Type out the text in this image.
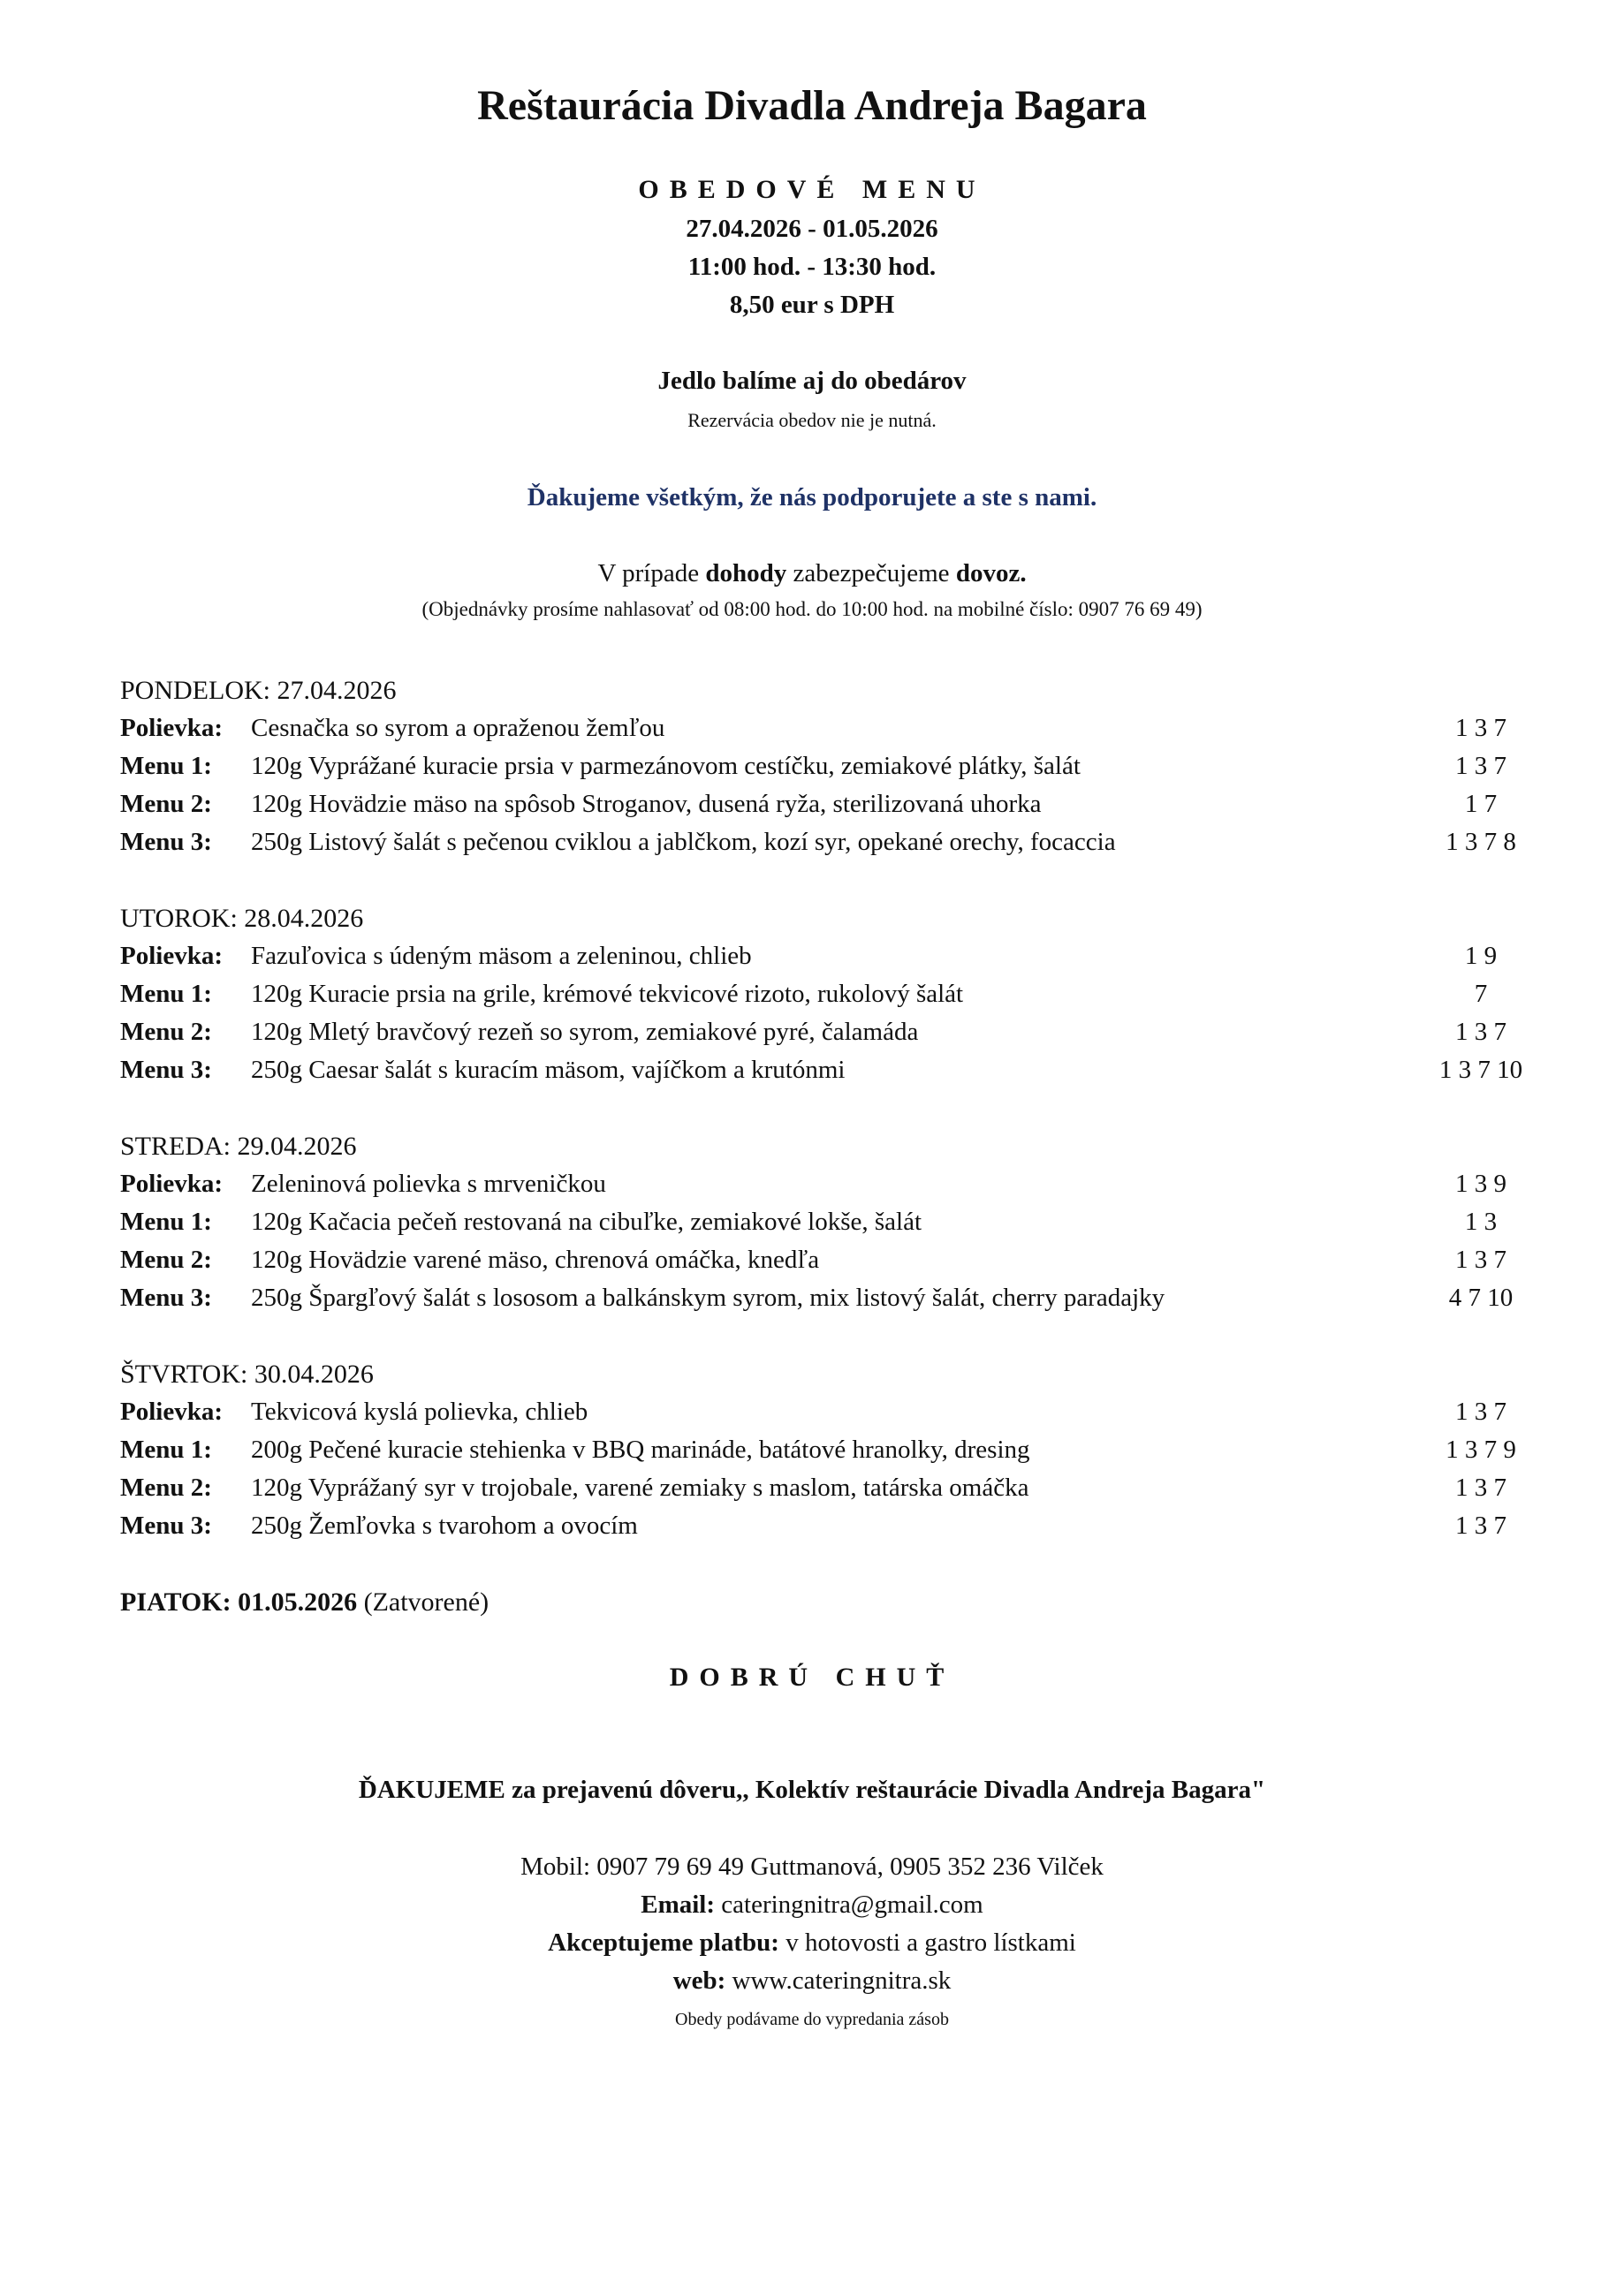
Reštaurácia Divadla Andreja Bagara
OBEDOVÉ MENU
27.04.2026 - 01.05.2026
11:00 hod. - 13:30 hod.
8,50 eur s DPH
Jedlo balíme aj do obedárov
Rezervácia obedov nie je nutná.
Ďakujeme všetkým, že nás podporujete a ste s nami.
V prípade dohody zabezpečujeme dovoz.
(Objednávky prosíme nahlasovať od 08:00 hod. do 10:00 hod. na mobilné číslo: 0907 76 69 49)
PONDELOK: 27.04.2026
Polievka: Cesnačka so syrom a opraženou žemľou	1 3 7
Menu 1: 120g Vyprážané kuracie prsia v parmezánovom cestíčku, zemiakové plátky, šalát	1 3 7
Menu 2: 120g Hovädzie mäso na spôsob Stroganov, dusená ryža, sterilizovaná uhorka	1 7
Menu 3: 250g Listový šalát s pečenou cviklou a jablčkom, kozí syr, opekané orechy, focaccia	1 3 7 8
UTOROK: 28.04.2026
Polievka: Fazuľovica s údeným mäsom a zeleninou, chlieb	1 9
Menu 1: 120g Kuracie prsia na grile, krémové tekvicové rizoto, rukolový šalát	7
Menu 2: 120g Mletý bravčový rezeň so syrom, zemiakové pyré, čalamáda	1 3 7
Menu 3: 250g Caesar šalát s kuracím mäsom, vajíčkom a krutónmi	1 3 7 10
STREDA: 29.04.2026
Polievka: Zeleninová polievka s mrveničkou	1 3 9
Menu 1: 120g Kačacia pečeň restovaná na cibuľke, zemiakové lokše, šalát	1 3
Menu 2: 120g Hovädzie varené mäso, chrenová omáčka, knedľa	1 3 7
Menu 3: 250g Špargľový šalát s lososom a balkánskym syrom, mix listový šalát, cherry paradajky	4 7 10
ŠTVRTOK: 30.04.2026
Polievka: Tekvicová kyslá polievka, chlieb	1 3 7
Menu 1: 200g Pečené kuracie stehienka v BBQ marináde, batátové hranolky, dresing	1 3 7 9
Menu 2: 120g Vyprážaný syr v trojobale, varené zemiaky s maslom, tatárska omáčka	1 3 7
Menu 3: 250g Žemľovka s tvarohom a ovocím	1 3 7
PIATOK: 01.05.2026 (Zatvorené)
DOBRÚ CHUŤ
ĎAKUJEME za prejavenú dôveru,, Kolektív reštaurácie Divadla Andreja Bagara"
Mobil: 0907 79 69 49 Guttmanová, 0905 352 236 Vilček
Email: cateringnitra@gmail.com
Akceptujeme platbu: v hotovosti a gastro lístkami
web: www.cateringnitra.sk
Obedy podávame do vypredania zásob
